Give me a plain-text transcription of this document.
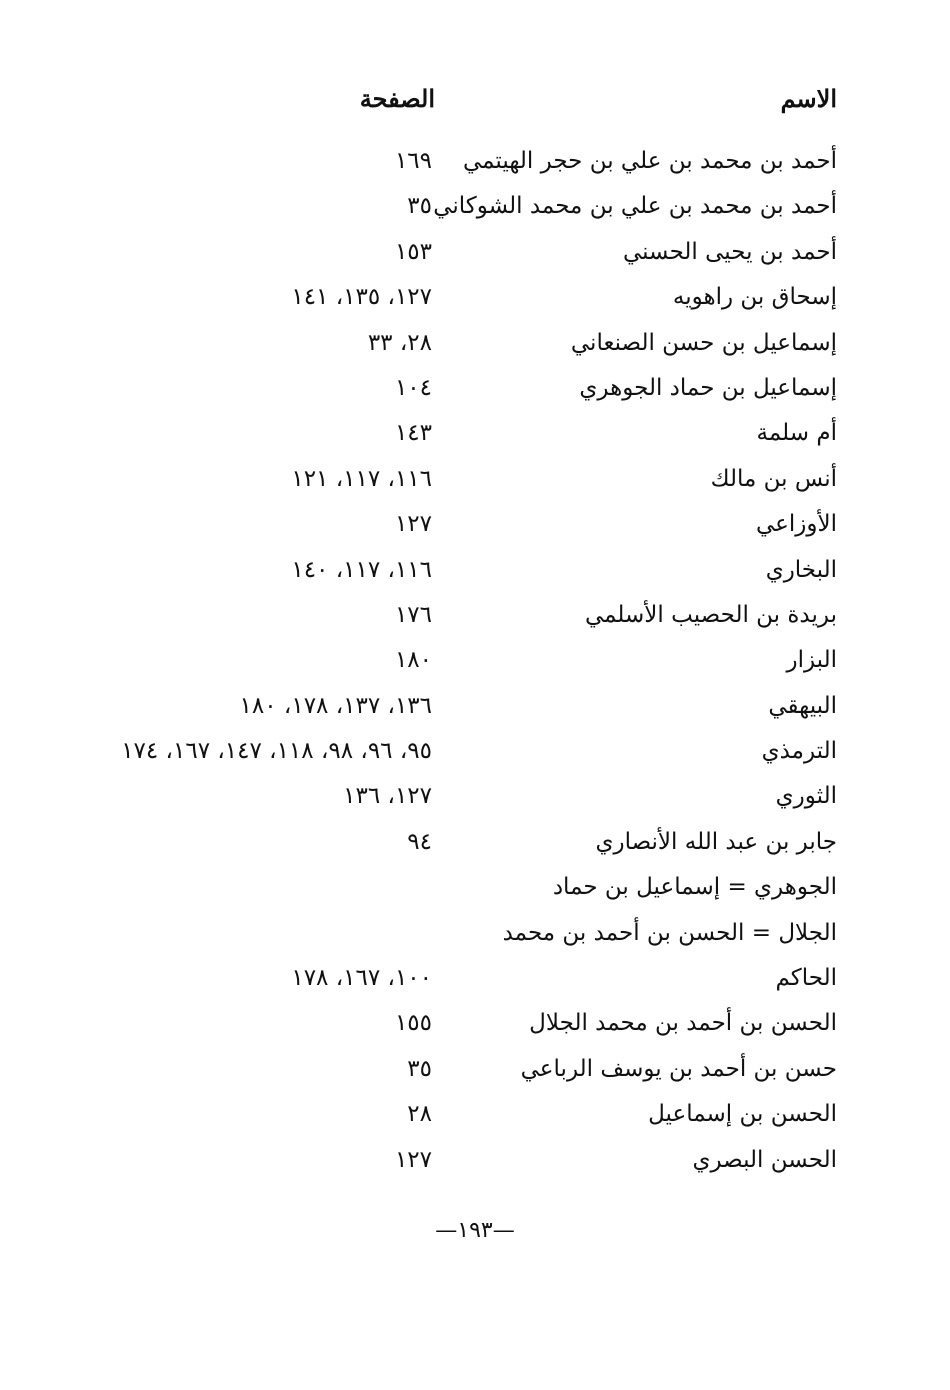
الاسم
الصفحة
أحمد بن محمد بن علي بن حجر الهيتمي
١٦٩
أحمد بن محمد بن علي بن محمد الشوكاني
٣٥
أحمد بن يحيى الحسني
١٥٣
إسحاق بن راهويه
١٢٧، ١٣٥، ١٤١
إسماعيل بن حسن الصنعاني
٢٨، ٣٣
إسماعيل بن حماد الجوهري
١٠٤
أم سلمة
١٤٣
أنس بن مالك
١١٦، ١١٧، ١٢١
الأوزاعي
١٢٧
البخاري
١١٦، ١١٧، ١٤٠
بريدة بن الحصيب الأسلمي
١٧٦
البزار
١٨٠
البيهقي
١٣٦، ١٣٧، ١٧٨، ١٨٠
الترمذي
٩٥، ٩٦، ٩٨، ١١٨، ١٤٧، ١٦٧، ١٧٤
الثوري
١٢٧، ١٣٦
جابر بن عبد الله الأنصاري
٩٤
الجوهري = إسماعيل بن حماد
الجلال = الحسن بن أحمد بن محمد
الحاكم
١٠٠، ١٦٧، ١٧٨
الحسن بن أحمد بن محمد الجلال
١٥٥
حسن بن أحمد بن يوسف الرباعي
٣٥
الحسن بن إسماعيل
٢٨
الحسن البصري
١٢٧
—١٩٣—
